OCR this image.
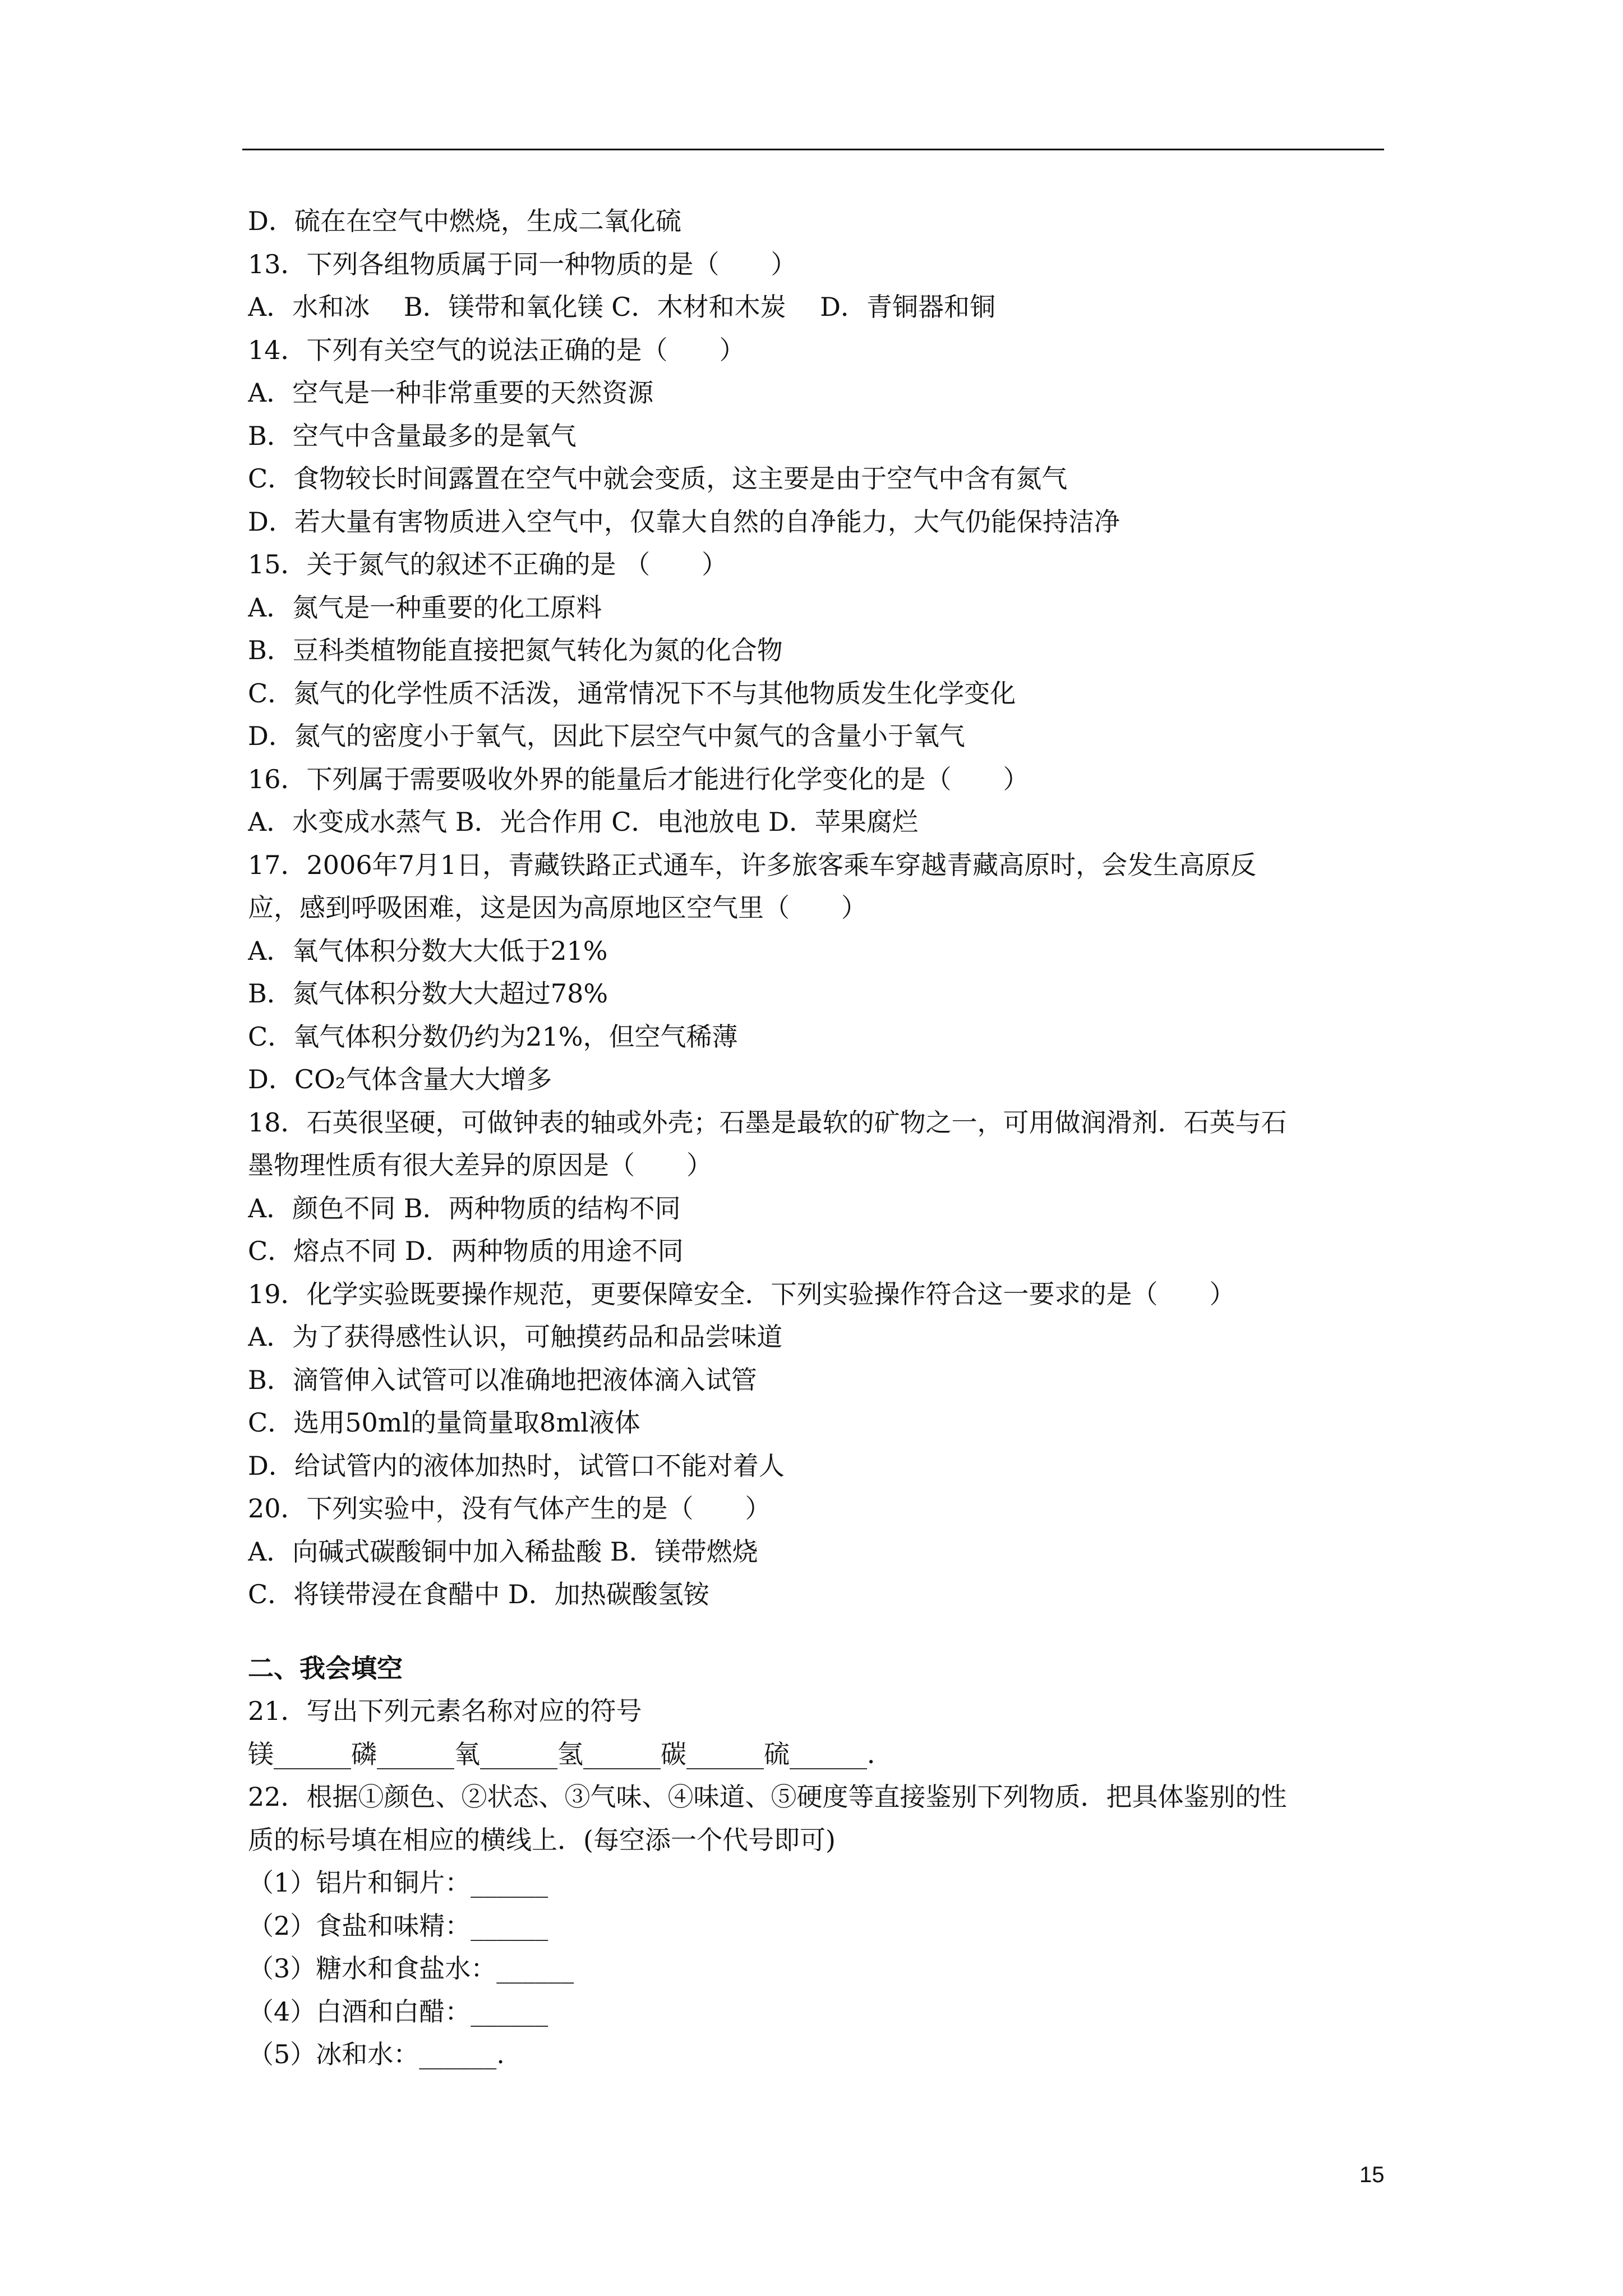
D．硫在在空气中燃烧，生成二氧化硫
13．下列各组物质属于同一种物质的是（　　）
A．水和冰　 B．镁带和氧化镁 C．木材和木炭　 D．青铜器和铜
14．下列有关空气的说法正确的是（　　）
A．空气是一种非常重要的天然资源
B．空气中含量最多的是氧气
C．食物较长时间露置在空气中就会变质，这主要是由于空气中含有氮气
D．若大量有害物质进入空气中，仅靠大自然的自净能力，大气仍能保持洁净
15．关于氮气的叙述不正确的是 （　　）
A．氮气是一种重要的化工原料
B．豆科类植物能直接把氮气转化为氮的化合物
C．氮气的化学性质不活泼，通常情况下不与其他物质发生化学变化
D．氮气的密度小于氧气，因此下层空气中氮气的含量小于氧气
16．下列属于需要吸收外界的能量后才能进行化学变化的是（　　）
A．水变成水蒸气 B．光合作用 C．电池放电 D．苹果腐烂
17．2006年7月1日，青藏铁路正式通车，许多旅客乘车穿越青藏高原时，会发生高原反
应，感到呼吸困难，这是因为高原地区空气里（　　）
A．氧气体积分数大大低于21%
B．氮气体积分数大大超过78%
C．氧气体积分数仍约为21%，但空气稀薄
D．CO₂气体含量大大增多
18．石英很坚硬，可做钟表的轴或外壳；石墨是最软的矿物之一，可用做润滑剂．石英与石
墨物理性质有很大差异的原因是（　　）
A．颜色不同 B．两种物质的结构不同
C．熔点不同 D．两种物质的用途不同
19．化学实验既要操作规范，更要保障安全．下列实验操作符合这一要求的是（　　）
A．为了获得感性认识，可触摸药品和品尝味道
B．滴管伸入试管可以准确地把液体滴入试管
C．选用50ml的量筒量取8ml液体
D．给试管内的液体加热时，试管口不能对着人
20．下列实验中，没有气体产生的是（　　）
A．向碱式碳酸铜中加入稀盐酸 B．镁带燃烧
C．将镁带浸在食醋中 D．加热碳酸氢铵
二、我会填空
21．写出下列元素名称对应的符号
镁______磷______氧______氢______碳______硫______．
22．根据①颜色、②状态、③气味、④味道、⑤硬度等直接鉴别下列物质．把具体鉴别的性
质的标号填在相应的横线上．(每空添一个代号即可)
（1）铝片和铜片：______
（2）食盐和味精：______
（3）糖水和食盐水：______
（4）白酒和白醋：______
（5）冰和水：______.
15
